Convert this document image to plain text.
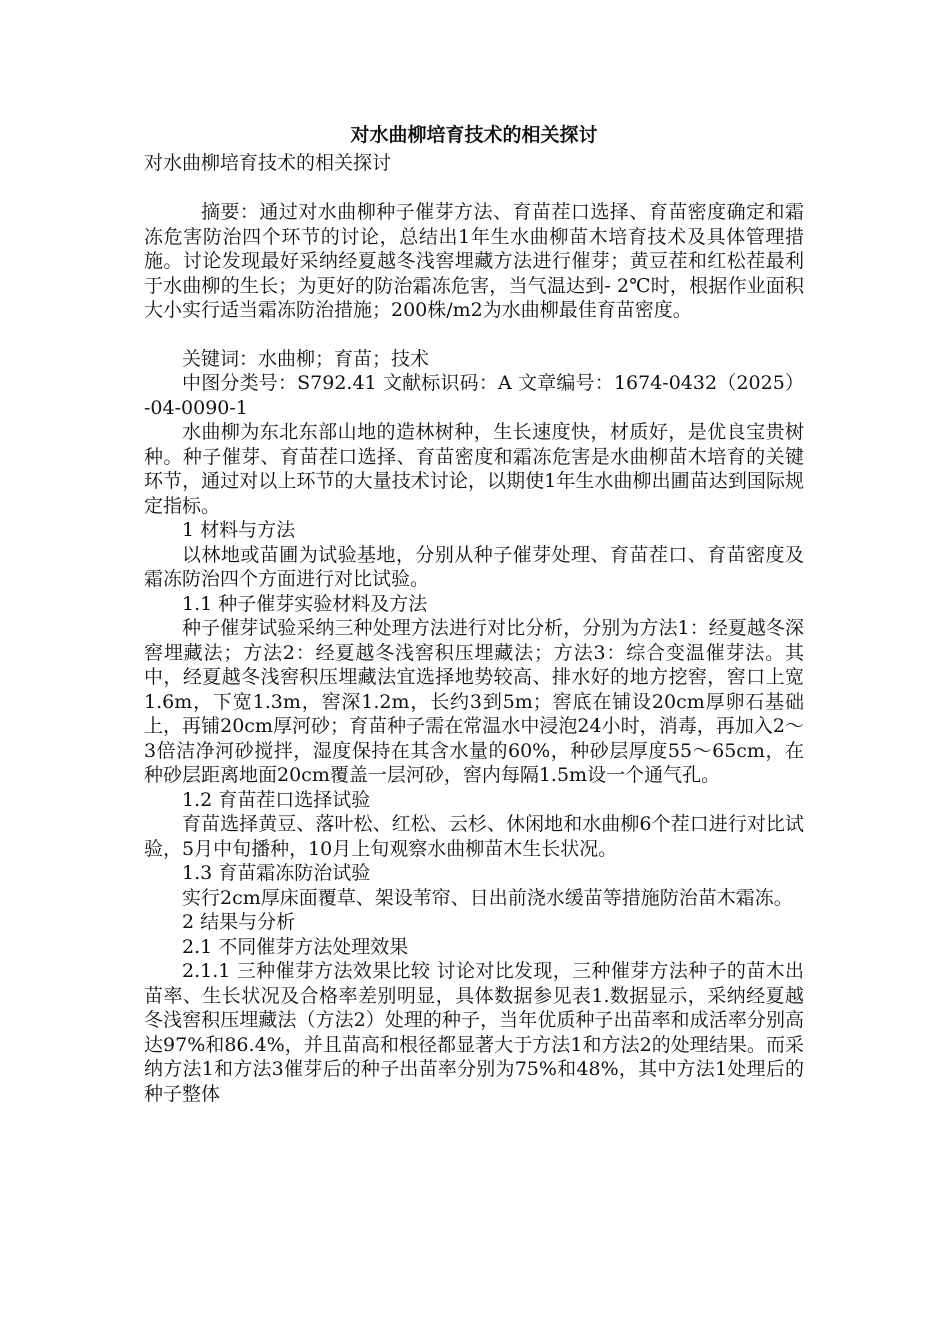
对水曲柳培育技术的相关探讨

对水曲柳培育技术的相关探讨

摘要：通过对水曲柳种子催芽方法、育苗茬口选择、育苗密度确定和霜冻危害防治四个环节的讨论，总结出1年生水曲柳苗木培育技术及具体管理措施。讨论发现最好采纳经夏越冬浅窖埋藏方法进行催芽；黄豆茬和红松茬最利于水曲柳的生长；为更好的防治霜冻危害，当气温达到- 2℃时，根据作业面积大小实行适当霜冻防治措施；200株/m2为水曲柳最佳育苗密度。

关键词：水曲柳；育苗；技术

中图分类号：S792.41 文献标识码：A 文章编号：1674-0432（2025）-04-0090-1

水曲柳为东北东部山地的造林树种，生长速度快，材质好，是优良宝贵树种。种子催芽、育苗茬口选择、育苗密度和霜冻危害是水曲柳苗木培育的关键环节，通过对以上环节的大量技术讨论，以期使1年生水曲柳出圃苗达到国际规定指标。

1 材料与方法

以林地或苗圃为试验基地，分别从种子催芽处理、育苗茬口、育苗密度及霜冻防治四个方面进行对比试验。

1.1 种子催芽实验材料及方法

种子催芽试验采纳三种处理方法进行对比分析，分别为方法1：经夏越冬深窖埋藏法；方法2：经夏越冬浅窖积压埋藏法；方法3：综合变温催芽法。其中，经夏越冬浅窖积压埋藏法宜选择地势较高、排水好的地方挖窖，窖口上宽1.6m，下宽1.3m，窖深1.2m，长约3到5m；窖底在铺设20cm厚卵石基础上，再铺20cm厚河砂；育苗种子需在常温水中浸泡24小时，消毒，再加入2～3倍洁净河砂搅拌，湿度保持在其含水量的60%，种砂层厚度55～65cm，在种砂层距离地面20cm覆盖一层河砂，窖内每隔1.5m设一个通气孔。

1.2 育苗茬口选择试验

育苗选择黄豆、落叶松、红松、云杉、休闲地和水曲柳6个茬口进行对比试验，5月中旬播种，10月上旬观察水曲柳苗木生长状况。

1.3 育苗霜冻防治试验

实行2cm厚床面覆草、架设苇帘、日出前浇水缓苗等措施防治苗木霜冻。

2 结果与分析

2.1 不同催芽方法处理效果

2.1.1 三种催芽方法效果比较 讨论对比发现，三种催芽方法种子的苗木出苗率、生长状况及合格率差别明显，具体数据参见表1.数据显示，采纳经夏越冬浅窖积压埋藏法（方法2）处理的种子，当年优质种子出苗率和成活率分别高达97%和86.4%，并且苗高和根径都显著大于方法1和方法2的处理结果。而采纳方法1和方法3催芽后的种子出苗率分别为75%和48%，其中方法1处理后的种子整体
